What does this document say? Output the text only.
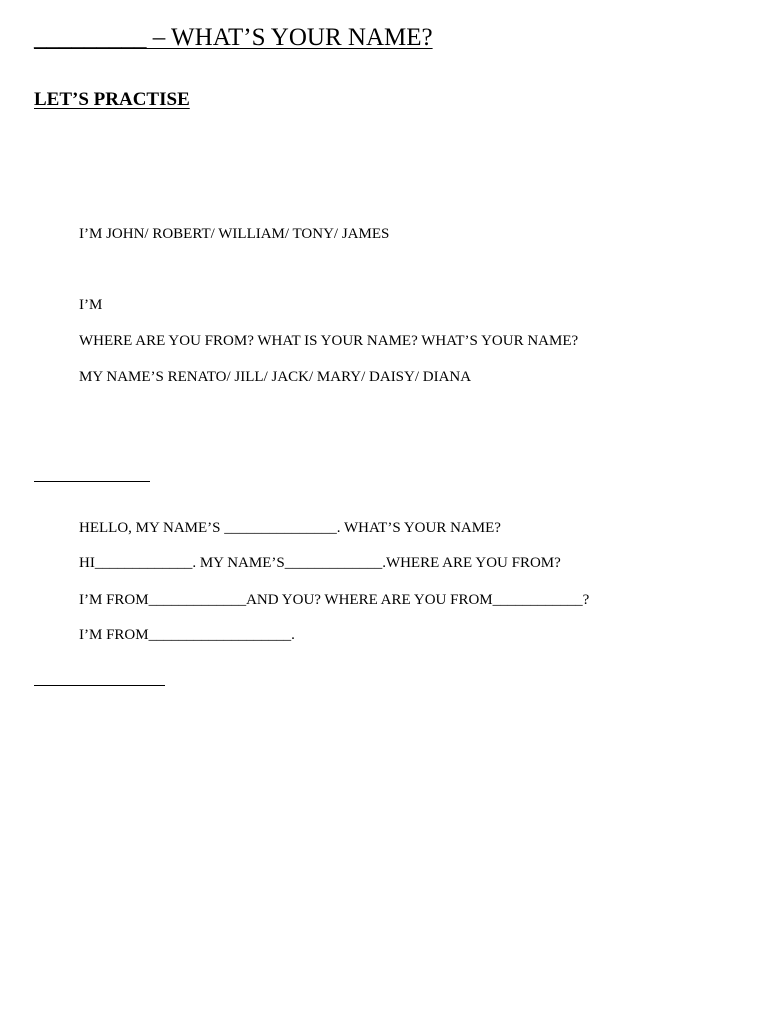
_________ – WHAT’S YOUR NAME?
LET’S PRACTISE
I’M JOHN/ ROBERT/ WILLIAM/ TONY/ JAMES
I’M
WHERE ARE YOU FROM? WHAT IS YOUR NAME? WHAT’S YOUR NAME?
MY NAME’S RENATO/ JILL/ JACK/ MARY/ DAISY/ DIANA
HELLO, MY NAME’S _______________. WHAT’S YOUR NAME?
HI_____________. MY NAME’S_____________.WHERE ARE YOU FROM?
I’M FROM_____________AND YOU? WHERE ARE YOU FROM____________?
I’M FROM___________________.
